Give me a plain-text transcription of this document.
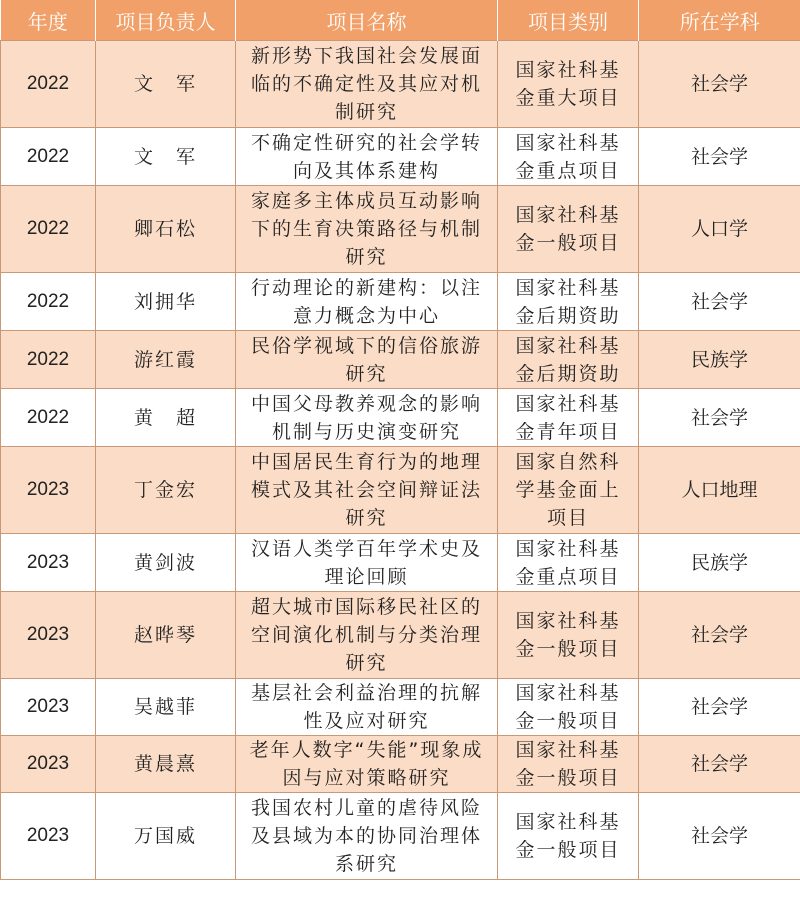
年度	项目负责人	项目名称	项目类别	所在学科
2022	文　军	新形势下我国社会发展面临的不确定性及其应对机制研究	国家社科基金重大项目	社会学
2022	文　军	不确定性研究的社会学转向及其体系建构	国家社科基金重点项目	社会学
2022	卿石松	家庭多主体成员互动影响下的生育决策路径与机制研究	国家社科基金一般项目	人口学
2022	刘拥华	行动理论的新建构：以注意力概念为中心	国家社科基金后期资助	社会学
2022	游红霞	民俗学视域下的信俗旅游研究	国家社科基金后期资助	民族学
2022	黄　超	中国父母教养观念的影响机制与历史演变研究	国家社科基金青年项目	社会学
2023	丁金宏	中国居民生育行为的地理模式及其社会空间辩证法研究	国家自然科学基金面上项目	人口地理
2023	黄剑波	汉语人类学百年学术史及理论回顾	国家社科基金重点项目	民族学
2023	赵晔琴	超大城市国际移民社区的空间演化机制与分类治理研究	国家社科基金一般项目	社会学
2023	吴越菲	基层社会利益治理的抗解性及应对研究	国家社科基金一般项目	社会学
2023	黄晨熹	老年人数字“失能”现象成因与应对策略研究	国家社科基金一般项目	社会学
2023	万国威	我国农村儿童的虐待风险及县域为本的协同治理体系研究	国家社科基金一般项目	社会学
